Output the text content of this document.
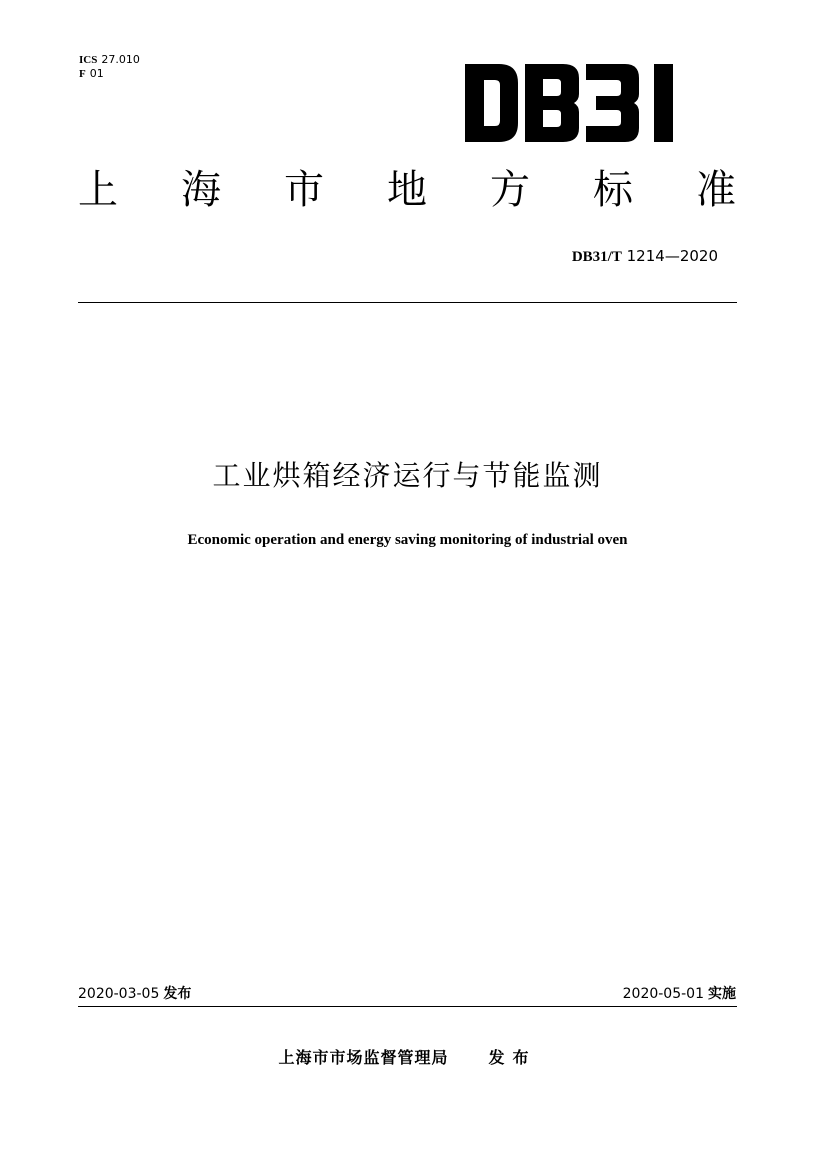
ICS 27.010
F 01
上 海 市 地 方 标 准
DB31/T 1214—2020
工业烘箱经济运行与节能监测
Economic operation and energy saving monitoring of industrial oven
2020-03-05 发布	2020-05-01 实施
上海市市场监督管理局	发布
